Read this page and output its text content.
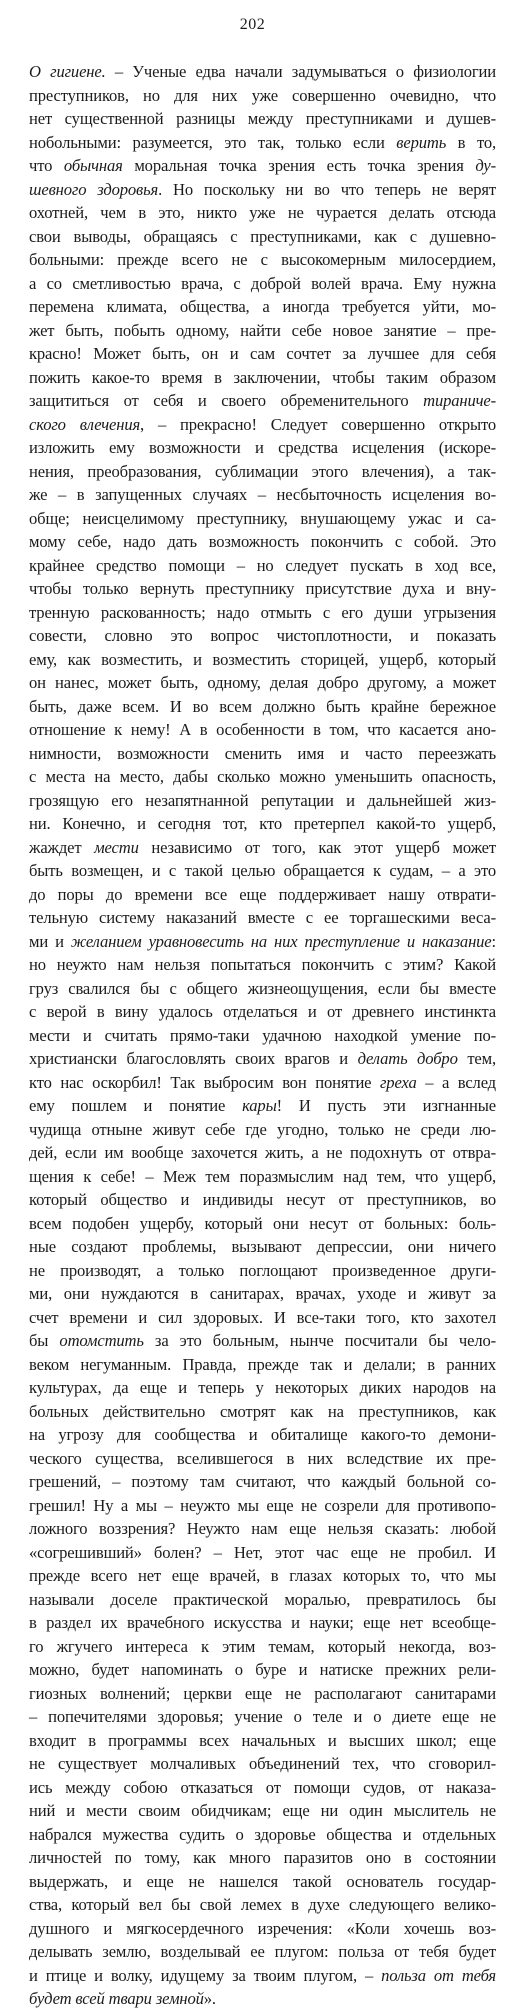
202
О гигиене. – Ученые едва начали задумываться о физиологии
преступников, но для них уже совершенно очевидно, что
нет существенной разницы между преступниками и душев-
нобольными: разумеется, это так, только если верить в то,
что обычная моральная точка зрения есть точка зрения ду-
шевного здоровья. Но поскольку ни во что теперь не верят
охотней, чем в это, никто уже не чурается делать отсюда
свои выводы, обращаясь с преступниками, как с душевно-
больными: прежде всего не с высокомерным милосердием,
а со сметливостью врача, с доброй волей врача. Ему нужна
перемена климата, общества, а иногда требуется уйти, мо-
жет быть, побыть одному, найти себе новое занятие – пре-
красно! Может быть, он и сам сочтет за лучшее для себя
пожить какое-то время в заключении, чтобы таким образом
защититься от себя и своего обременительного тираниче-
ского влечения, – прекрасно! Следует совершенно открыто
изложить ему возможности и средства исцеления (искоре-
нения, преобразования, сублимации этого влечения), а так-
же – в запущенных случаях – несбыточность исцеления во-
обще; неисцелимому преступнику, внушающему ужас и са-
мому себе, надо дать возможность покончить с собой. Это
крайнее средство помощи – но следует пускать в ход все,
чтобы только вернуть преступнику присутствие духа и вну-
тренную раскованность; надо отмыть с его души угрызения
совести, словно это вопрос чистоплотности, и показать
ему, как возместить, и возместить сторицей, ущерб, который
он нанес, может быть, одному, делая добро другому, а может
быть, даже всем. И во всем должно быть крайне бережное
отношение к нему! А в особенности в том, что касается ано-
нимности, возможности сменить имя и часто переезжать
с места на место, дабы сколько можно уменьшить опасность,
грозящую его незапятнанной репутации и дальнейшей жиз-
ни. Конечно, и сегодня тот, кто претерпел какой-то ущерб,
жаждет мести независимо от того, как этот ущерб может
быть возмещен, и с такой целью обращается к судам, – а это
до поры до времени все еще поддерживает нашу отврати-
тельную систему наказаний вместе с ее торгашескими веса-
ми и желанием уравновесить на них преступление и наказание:
но неужто нам нельзя попытаться покончить с этим? Какой
груз свалился бы с общего жизнеощущения, если бы вместе
с верой в вину удалось отделаться и от древнего инстинкта
мести и считать прямо-таки удачною находкой умение по-
христиански благословлять своих врагов и делать добро тем,
кто нас оскорбил! Так выбросим вон понятие греха – а вслед
ему пошлем и понятие кары! И пусть эти изгнанные
чудища отныне живут себе где угодно, только не среди лю-
дей, если им вообще захочется жить, а не подохнуть от отвра-
щения к себе! – Меж тем поразмыслим над тем, что ущерб,
который общество и индивиды несут от преступников, во
всем подобен ущербу, который они несут от больных: боль-
ные создают проблемы, вызывают депрессии, они ничего
не производят, а только поглощают произведенное други-
ми, они нуждаются в санитарах, врачах, уходе и живут за
счет времени и сил здоровых. И все-таки того, кто захотел
бы отомстить за это больным, нынче посчитали бы чело-
веком негуманным. Правда, прежде так и делали; в ранних
культурах, да еще и теперь у некоторых диких народов на
больных действительно смотрят как на преступников, как
на угрозу для сообщества и обиталище какого-то демони-
ческого существа, вселившегося в них вследствие их пре-
грешений, – поэтому там считают, что каждый больной со-
грешил! Ну а мы – неужто мы еще не созрели для противопо-
ложного воззрения? Неужто нам еще нельзя сказать: любой
«согрешивший» болен? – Нет, этот час еще не пробил. И
прежде всего нет еще врачей, в глазах которых то, что мы
называли доселе практической моралью, превратилось бы
в раздел их врачебного искусства и науки; еще нет всеобще-
го жгучего интереса к этим темам, который некогда, воз-
можно, будет напоминать о буре и натиске прежних рели-
гиозных волнений; церкви еще не располагают санитарами
– попечителями здоровья; учение о теле и о диете еще не
входит в программы всех начальных и высших школ; еще
не существует молчаливых объединений тех, что сговорил-
ись между собою отказаться от помощи судов, от наказа-
ний и мести своим обидчикам; еще ни один мыслитель не
набрался мужества судить о здоровье общества и отдельных
личностей по тому, как много паразитов оно в состоянии
выдержать, и еще не нашелся такой основатель государ-
ства, который вел бы свой лемех в духе следующего велико-
душного и мягкосердечного изречения: «Коли хочешь воз-
делывать землю, возделывай ее плугом: польза от тебя будет
и птице и волку, идущему за твоим плугом, – польза от тебя
будет всей твари земной».
